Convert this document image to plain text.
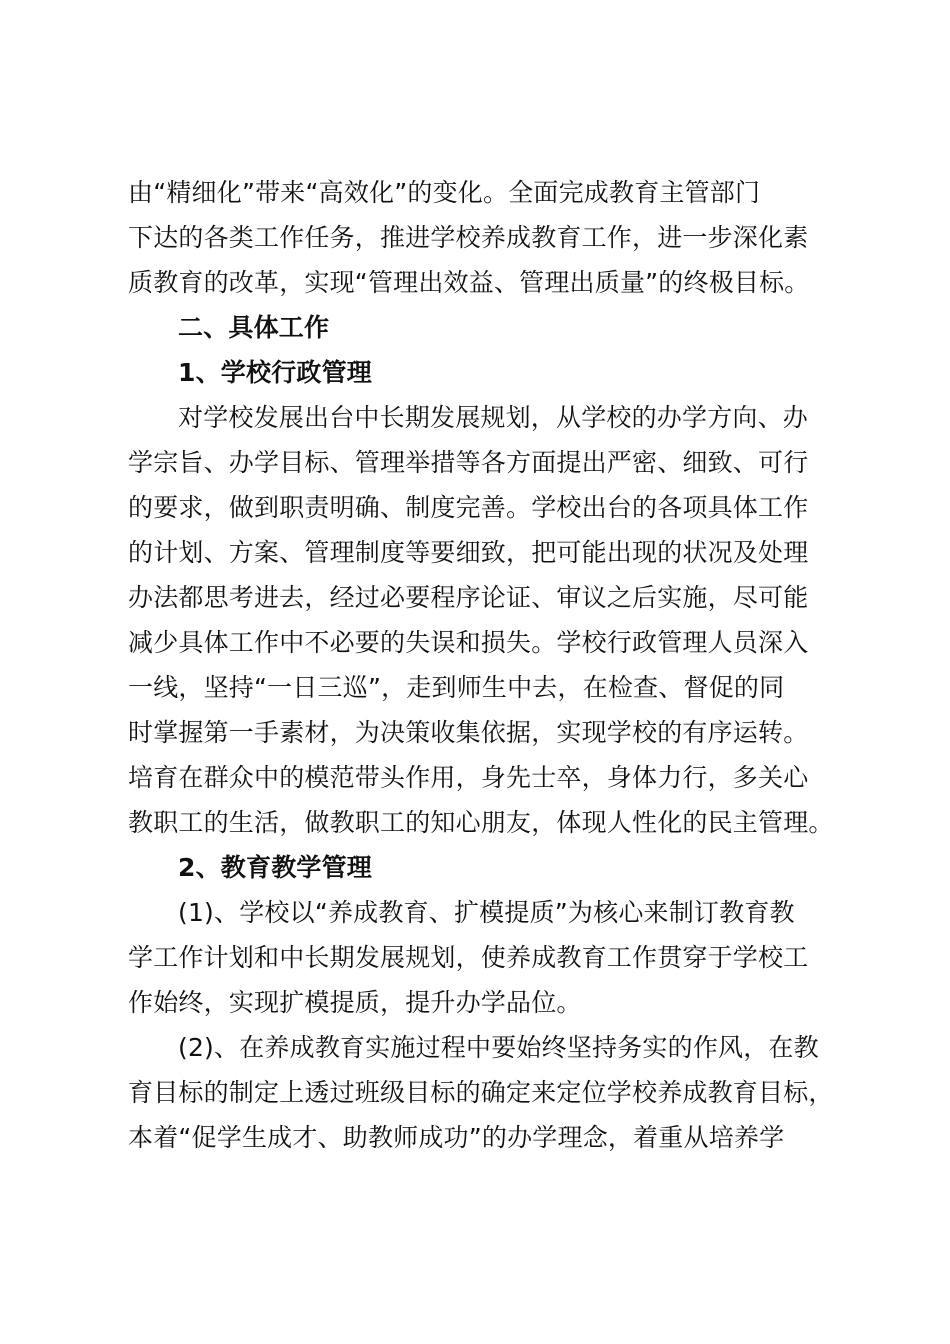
由“精细化”带来“高效化”的变化。全面完成教育主管部门
下达的各类工作任务，推进学校养成教育工作，进一步深化素
质教育的改革，实现“管理出效益、管理出质量”的终极目标。
二、具体工作
1、学校行政管理
对学校发展出台中长期发展规划，从学校的办学方向、办
学宗旨、办学目标、管理举措等各方面提出严密、细致、可行
的要求，做到职责明确、制度完善。学校出台的各项具体工作
的计划、方案、管理制度等要细致，把可能出现的状况及处理
办法都思考进去，经过必要程序论证、审议之后实施，尽可能
减少具体工作中不必要的失误和损失。学校行政管理人员深入
一线，坚持“一日三巡”，走到师生中去，在检查、督促的同
时掌握第一手素材，为决策收集依据，实现学校的有序运转。
培育在群众中的模范带头作用，身先士卒，身体力行，多关心
教职工的生活，做教职工的知心朋友，体现人性化的民主管理。
2、教育教学管理
(1)、学校以“养成教育、扩模提质”为核心来制订教育教
学工作计划和中长期发展规划，使养成教育工作贯穿于学校工
作始终，实现扩模提质，提升办学品位。
(2)、在养成教育实施过程中要始终坚持务实的作风，在教
育目标的制定上透过班级目标的确定来定位学校养成教育目标，
本着“促学生成才、助教师成功”的办学理念，着重从培养学
